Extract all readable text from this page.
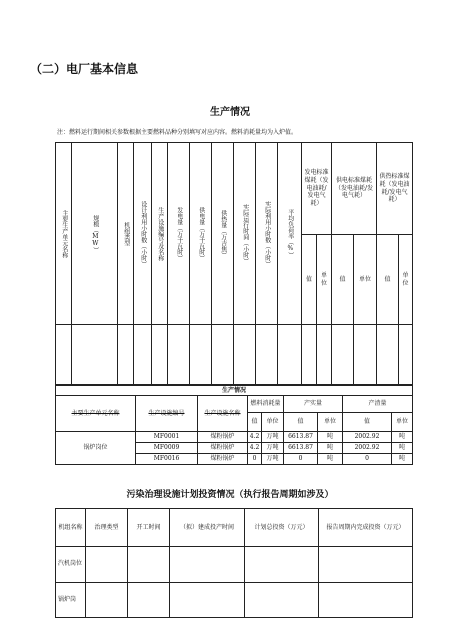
（二）电厂基本信息
生产情况
注：燃料运行期间相关参数根据主要燃料品种分别填写对应内容。燃料消耗量均为入炉值。
主要生产单元名称	规模（MW）	机组类型	设计利用小时数（小时）	生产设施编号及名称	发电量（万千瓦时）	供电量（万千瓦时）	供热量（万吉焦）	实际运行时间（小时）	实际利用小时数（小时）	平均负荷率（%）	发电标准煤耗（发电油耗/发电气耗）		供电标准煤耗（发电油耗/发电气耗）		供热标准煤耗（发电油耗/发电气耗）	
											值	单位	值	单位	值	单位

生产情况								
主要生产单元名称	生产设施编号	生产设施名称	燃料消耗量		产实量		产渣量	
			值	单位	值	单位	值	单位
锅炉岗位	MF0001	煤粉锅炉	4.2	万吨	6613.87	吨	2002.92	吨
	MF0009	煤粉锅炉	4.2	万吨	6613.87	吨	2002.92	吨
	MF0016	煤粉锅炉	0	万吨	0	吨	0	吨
污染治理设施计划投资情况（执行报告周期如涉及）
机组名称	治理类型	开工时间	（拟）建成投产时间	计划总投资（万元）	报告周期内完成投资（万元）
汽机岗位					
锅炉岗					
